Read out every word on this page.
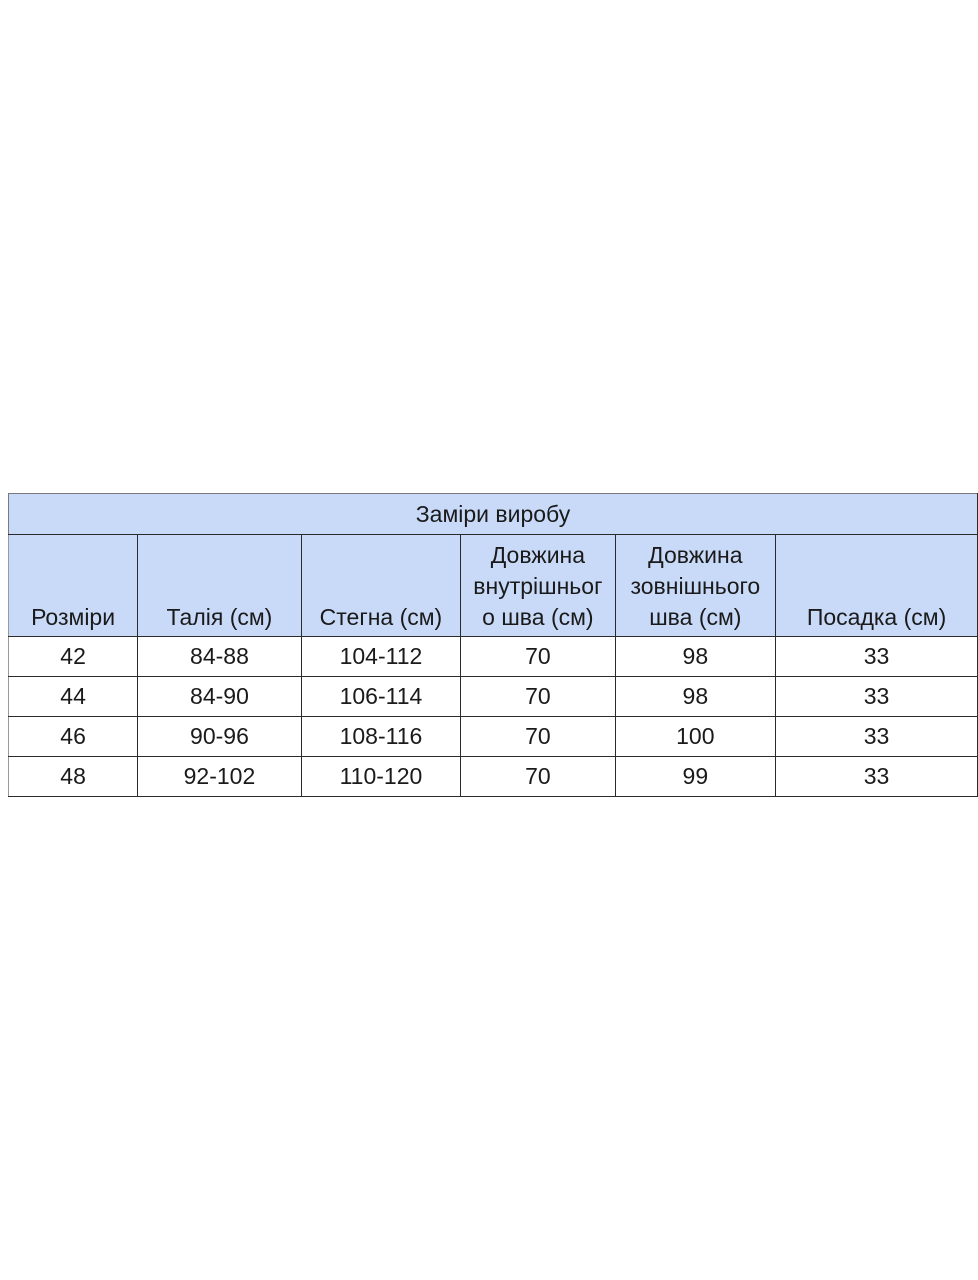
Заміри виробу					

Розміри	Талія (см)	Стегна (см)	Довжина
внутрішньог
о шва (см)	Довжина
зовнішнього
шва (см)	Посадка (см)

42	84-88	104-112	70	98	33
44	84-90	106-114	70	98	33
46	90-96	108-116	70	100	33
48	92-102	110-120	70	99	33
